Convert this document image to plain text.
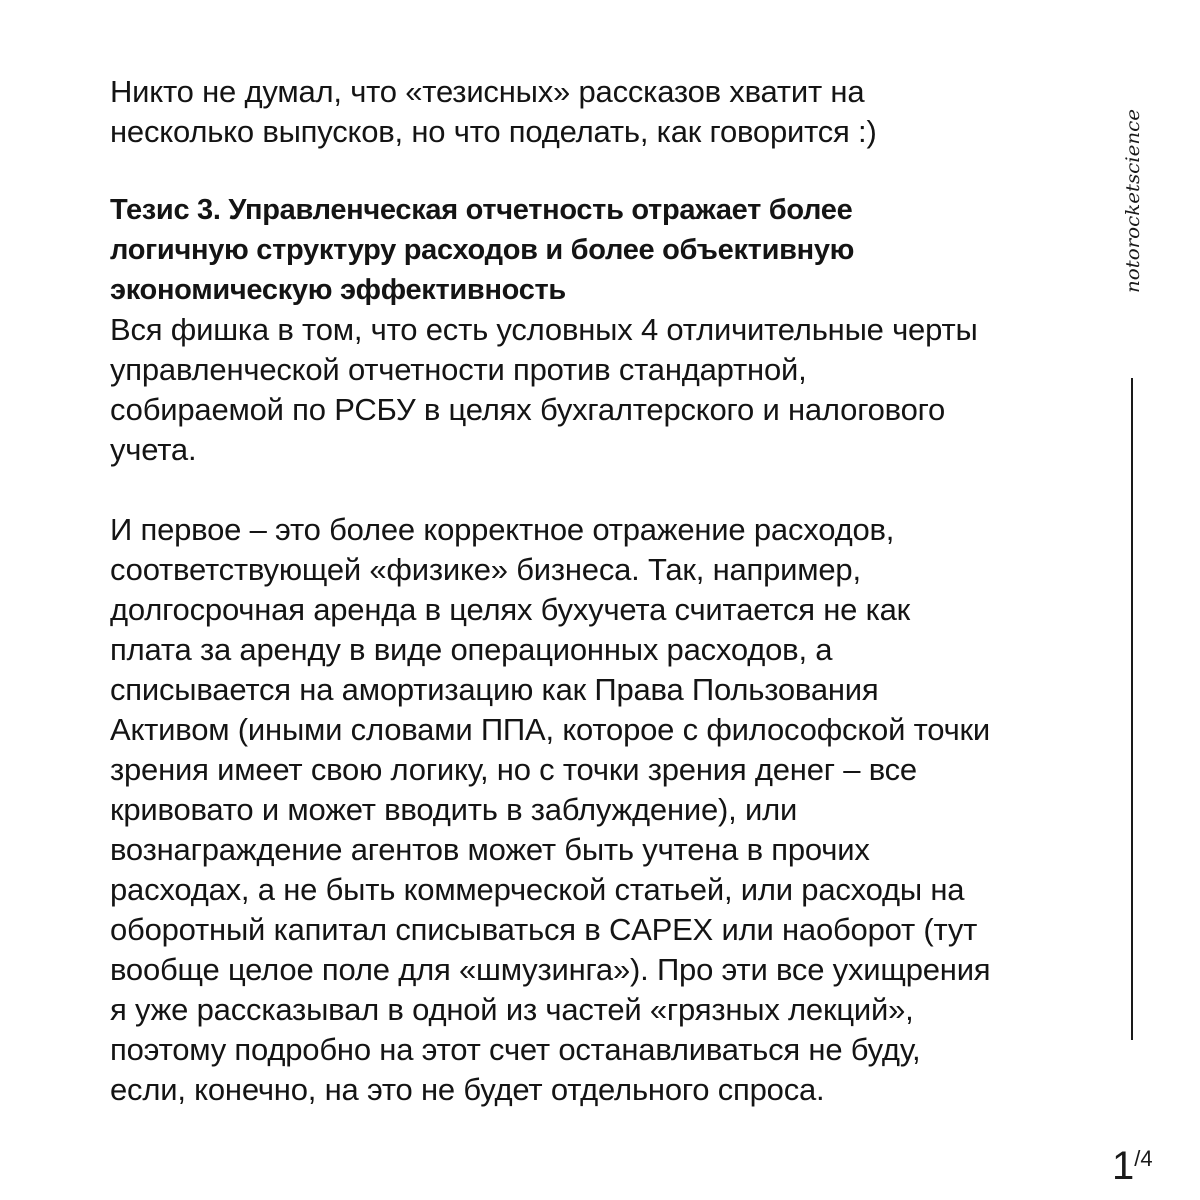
Никто не думал, что «тезисных» рассказов хватит на
несколько выпусков, но что поделать, как говорится :)

Тезис 3. Управленческая отчетность отражает более
логичную структуру расходов и более объективную
экономическую эффективность

Вся фишка в том, что есть условных 4 отличительные черты
управленческой отчетности против стандартной,
собираемой по РСБУ в целях бухгалтерского и налогового
учета.

И первое – это более корректное отражение расходов,
соответствующей «физике» бизнеса. Так, например,
долгосрочная аренда в целях бухучета считается не как
плата за аренду в виде операционных расходов, а
списывается на амортизацию как Права Пользования
Активом (иными словами ППА, которое с философской точки
зрения имеет свою логику, но с точки зрения денег – все
кривовато и может вводить в заблуждение), или
вознаграждение агентов может быть учтена в прочих
расходах, а не быть коммерческой статьей, или расходы на
оборотный капитал списываться в CAPEX или наоборот (тут
вообще целое поле для «шмузинга»). Про эти все ухищрения
я уже рассказывал в одной из частей «грязных лекций»,
поэтому подробно на этот счет останавливаться не буду,
если, конечно, на это не будет отдельного спроса.

notorocketscience
1/4
